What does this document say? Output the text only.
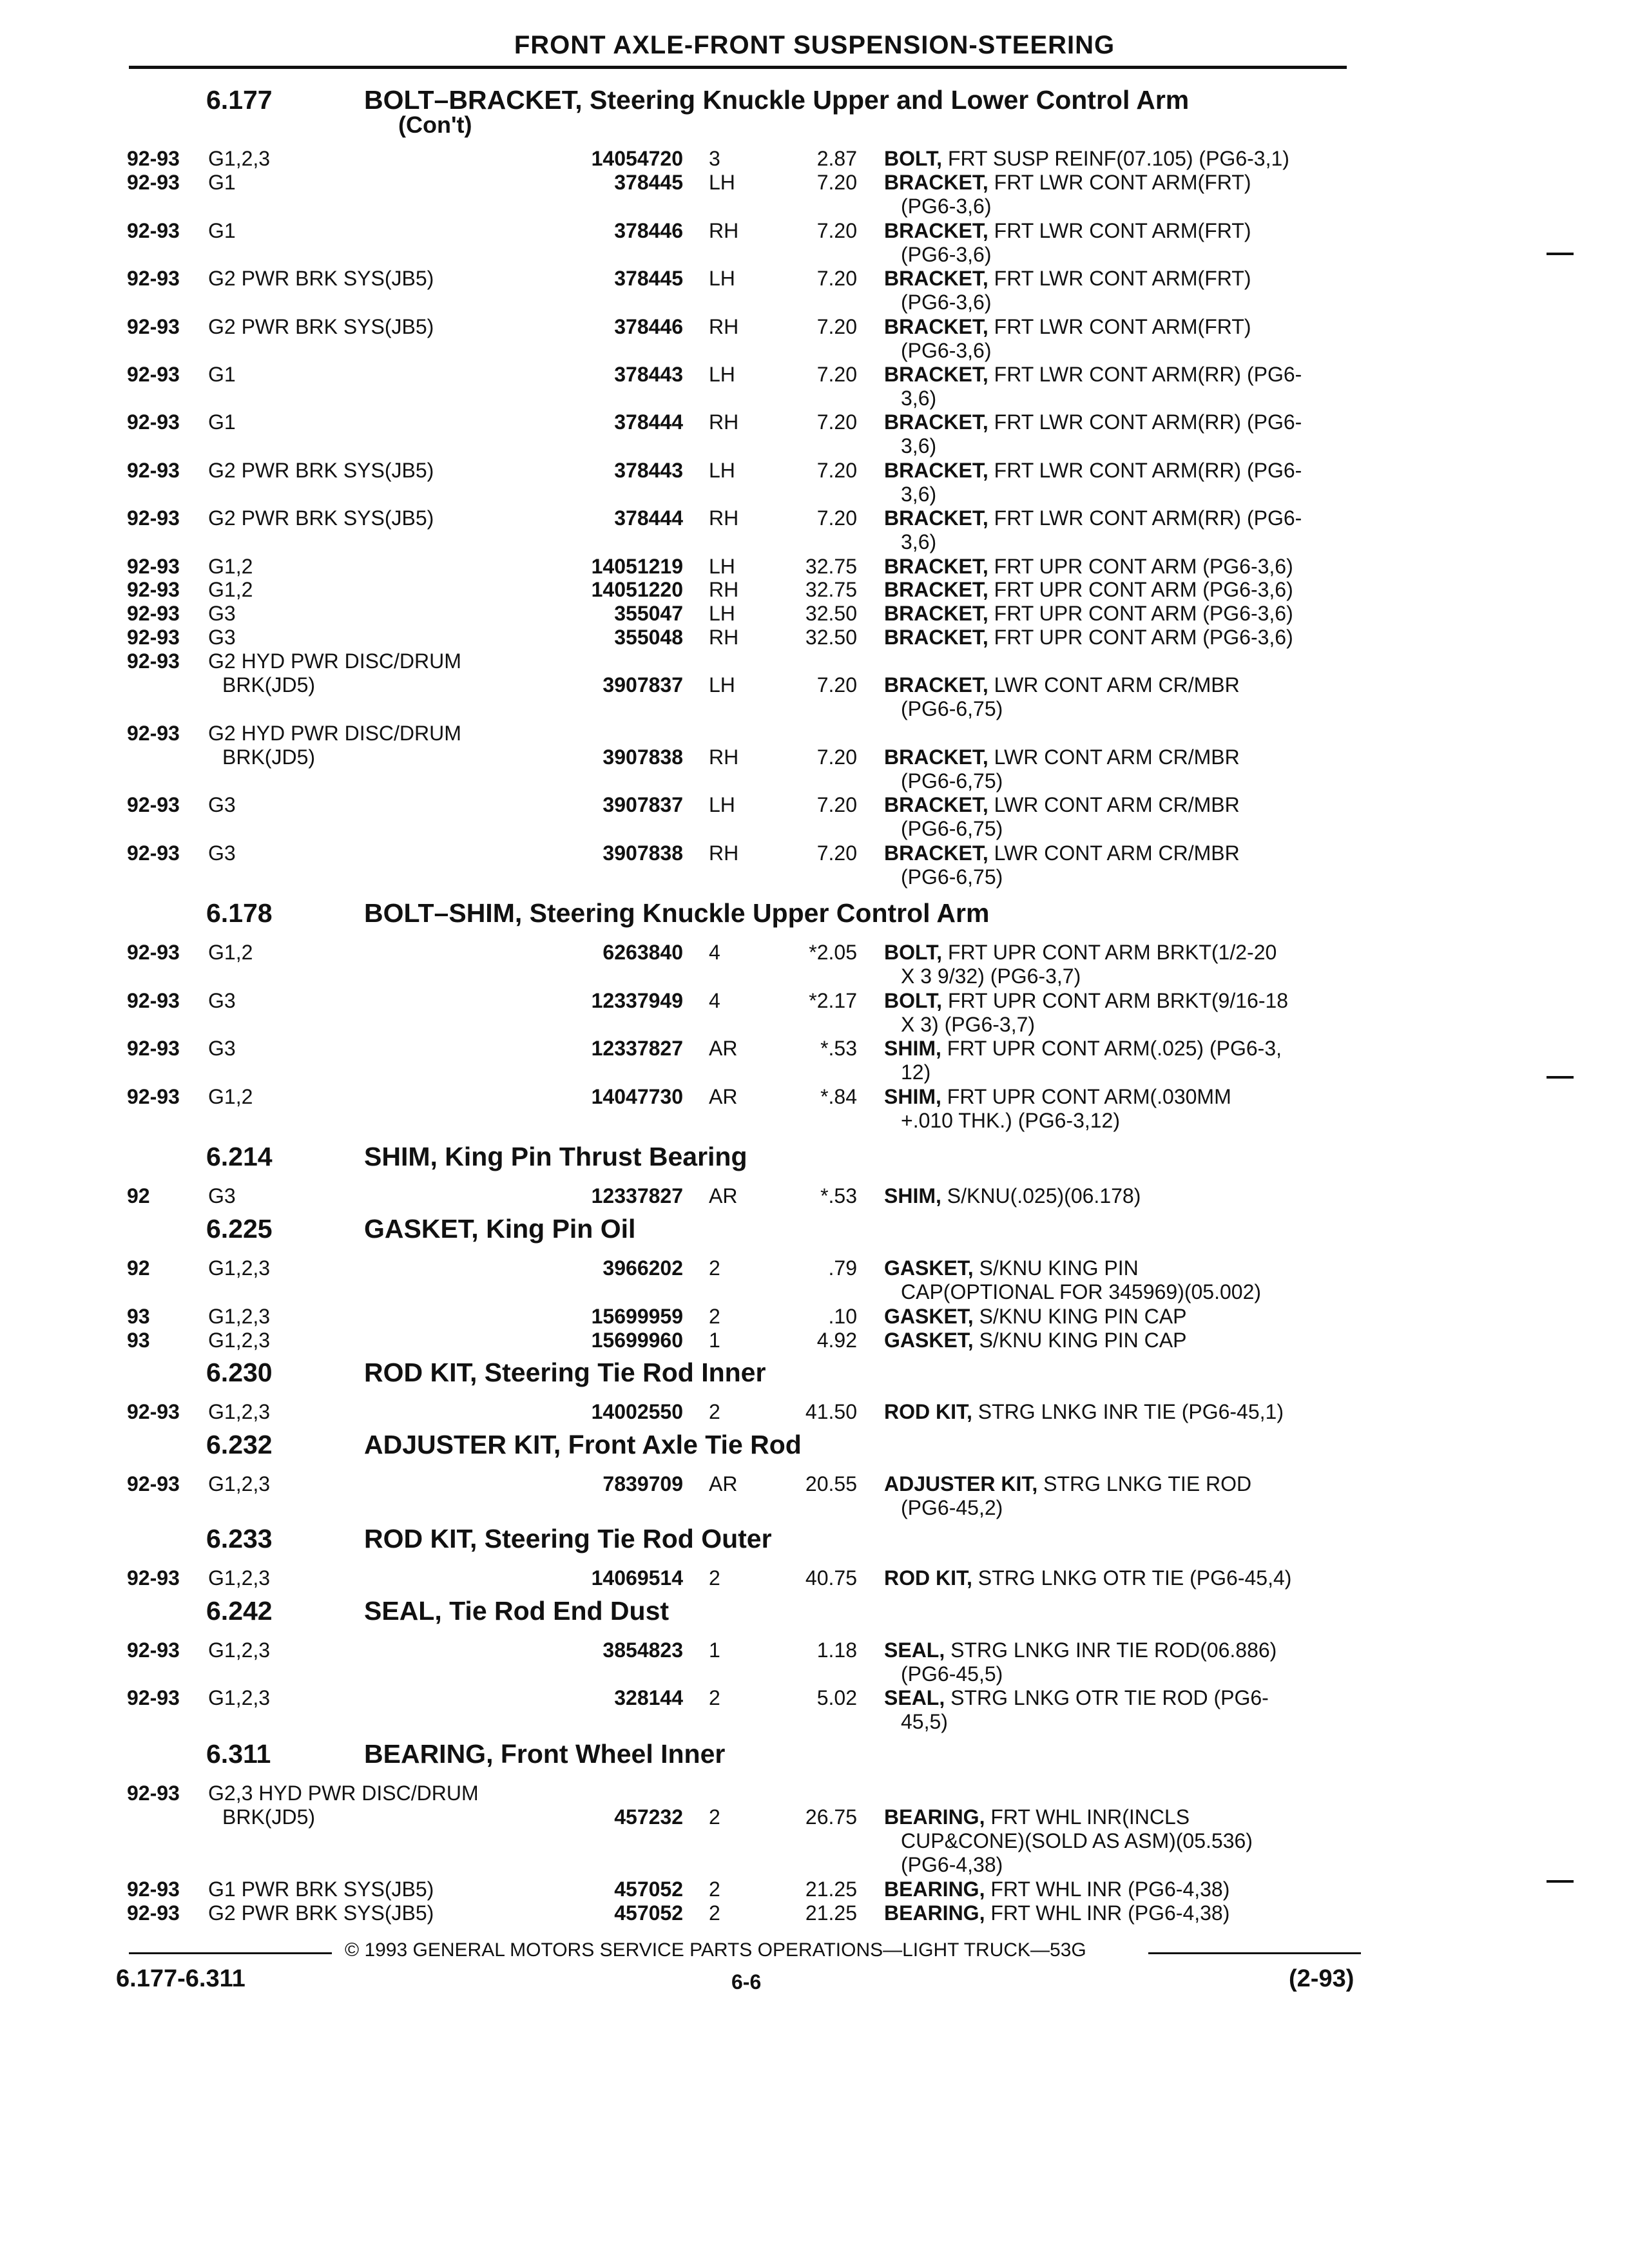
FRONT AXLE-FRONT SUSPENSION-STEERING
6.177	BOLT–BRACKET, Steering Knuckle Upper and Lower Control Arm
(Con't)
92-93 G1,2,3	14054720 3	2.87 BOLT, FRT SUSP REINF(07.105) (PG6-3,1)
92-93 G1	378445 LH	7.20 BRACKET, FRT LWR CONT ARM(FRT)
(PG6-3,6)
92-93 G1	378446 RH	7.20 BRACKET, FRT LWR CONT ARM(FRT)
(PG6-3,6)
92-93 G2 PWR BRK SYS(JB5)	378445 LH	7.20 BRACKET, FRT LWR CONT ARM(FRT)
(PG6-3,6)
92-93 G2 PWR BRK SYS(JB5)	378446 RH	7.20 BRACKET, FRT LWR CONT ARM(FRT)
(PG6-3,6)
92-93 G1	378443 LH	7.20 BRACKET, FRT LWR CONT ARM(RR) (PG6-
3,6)
92-93 G1	378444 RH	7.20 BRACKET, FRT LWR CONT ARM(RR) (PG6-
3,6)
92-93 G2 PWR BRK SYS(JB5)	378443 LH	7.20 BRACKET, FRT LWR CONT ARM(RR) (PG6-
3,6)
92-93 G2 PWR BRK SYS(JB5)	378444 RH	7.20 BRACKET, FRT LWR CONT ARM(RR) (PG6-
3,6)
92-93 G1,2	14051219 LH	32.75 BRACKET, FRT UPR CONT ARM (PG6-3,6)
92-93 G1,2	14051220 RH	32.75 BRACKET, FRT UPR CONT ARM (PG6-3,6)
92-93 G3	355047 LH	32.50 BRACKET, FRT UPR CONT ARM (PG6-3,6)
92-93 G3	355048 RH	32.50 BRACKET, FRT UPR CONT ARM (PG6-3,6)
92-93 G2 HYD PWR DISC/DRUM
BRK(JD5)	3907837 LH	7.20 BRACKET, LWR CONT ARM CR/MBR
(PG6-6,75)
92-93 G2 HYD PWR DISC/DRUM
BRK(JD5)	3907838 RH	7.20 BRACKET, LWR CONT ARM CR/MBR
(PG6-6,75)
92-93 G3	3907837 LH	7.20 BRACKET, LWR CONT ARM CR/MBR
(PG6-6,75)
92-93 G3	3907838 RH	7.20 BRACKET, LWR CONT ARM CR/MBR
(PG6-6,75)
6.178	BOLT–SHIM, Steering Knuckle Upper Control Arm
92-93 G1,2	6263840 4	*2.05 BOLT, FRT UPR CONT ARM BRKT(1/2-20
X 3 9/32) (PG6-3,7)
92-93 G3	12337949 4	*2.17 BOLT, FRT UPR CONT ARM BRKT(9/16-18
X 3) (PG6-3,7)
92-93 G3	12337827 AR	*.53 SHIM, FRT UPR CONT ARM(.025) (PG6-3,
12)
92-93 G1,2	14047730 AR	*.84 SHIM, FRT UPR CONT ARM(.030MM
+.010 THK.) (PG6-3,12)
6.214	SHIM, King Pin Thrust Bearing
92	G3	12337827 AR	*.53 SHIM, S/KNU(.025)(06.178)
6.225	GASKET, King Pin Oil
92	G1,2,3	3966202 2	.79 GASKET, S/KNU KING PIN
CAP(OPTIONAL FOR 345969)(05.002)
93	G1,2,3	15699959 2	.10 GASKET, S/KNU KING PIN CAP
93	G1,2,3	15699960 1	4.92 GASKET, S/KNU KING PIN CAP
6.230	ROD KIT, Steering Tie Rod Inner
92-93 G1,2,3	14002550 2	41.50 ROD KIT, STRG LNKG INR TIE (PG6-45,1)
6.232	ADJUSTER KIT, Front Axle Tie Rod
92-93 G1,2,3	7839709 AR	20.55 ADJUSTER KIT, STRG LNKG TIE ROD
(PG6-45,2)
6.233	ROD KIT, Steering Tie Rod Outer
92-93 G1,2,3	14069514 2	40.75 ROD KIT, STRG LNKG OTR TIE (PG6-45,4)
6.242	SEAL, Tie Rod End Dust
92-93 G1,2,3	3854823 1	1.18 SEAL, STRG LNKG INR TIE ROD(06.886)
(PG6-45,5)
92-93 G1,2,3	328144 2	5.02 SEAL, STRG LNKG OTR TIE ROD (PG6-
45,5)
6.311	BEARING, Front Wheel Inner
92-93 G2,3 HYD PWR DISC/DRUM
BRK(JD5)	457232 2	26.75 BEARING, FRT WHL INR(INCLS
CUP&CONE)(SOLD AS ASM)(05.536)
(PG6-4,38)
92-93 G1 PWR BRK SYS(JB5)	457052 2	21.25 BEARING, FRT WHL INR (PG6-4,38)
92-93 G2 PWR BRK SYS(JB5)	457052 2	21.25 BEARING, FRT WHL INR (PG6-4,38)
© 1993 GENERAL MOTORS SERVICE PARTS OPERATIONS—LIGHT TRUCK—53G
6.177-6.311	6-6	(2-93)
